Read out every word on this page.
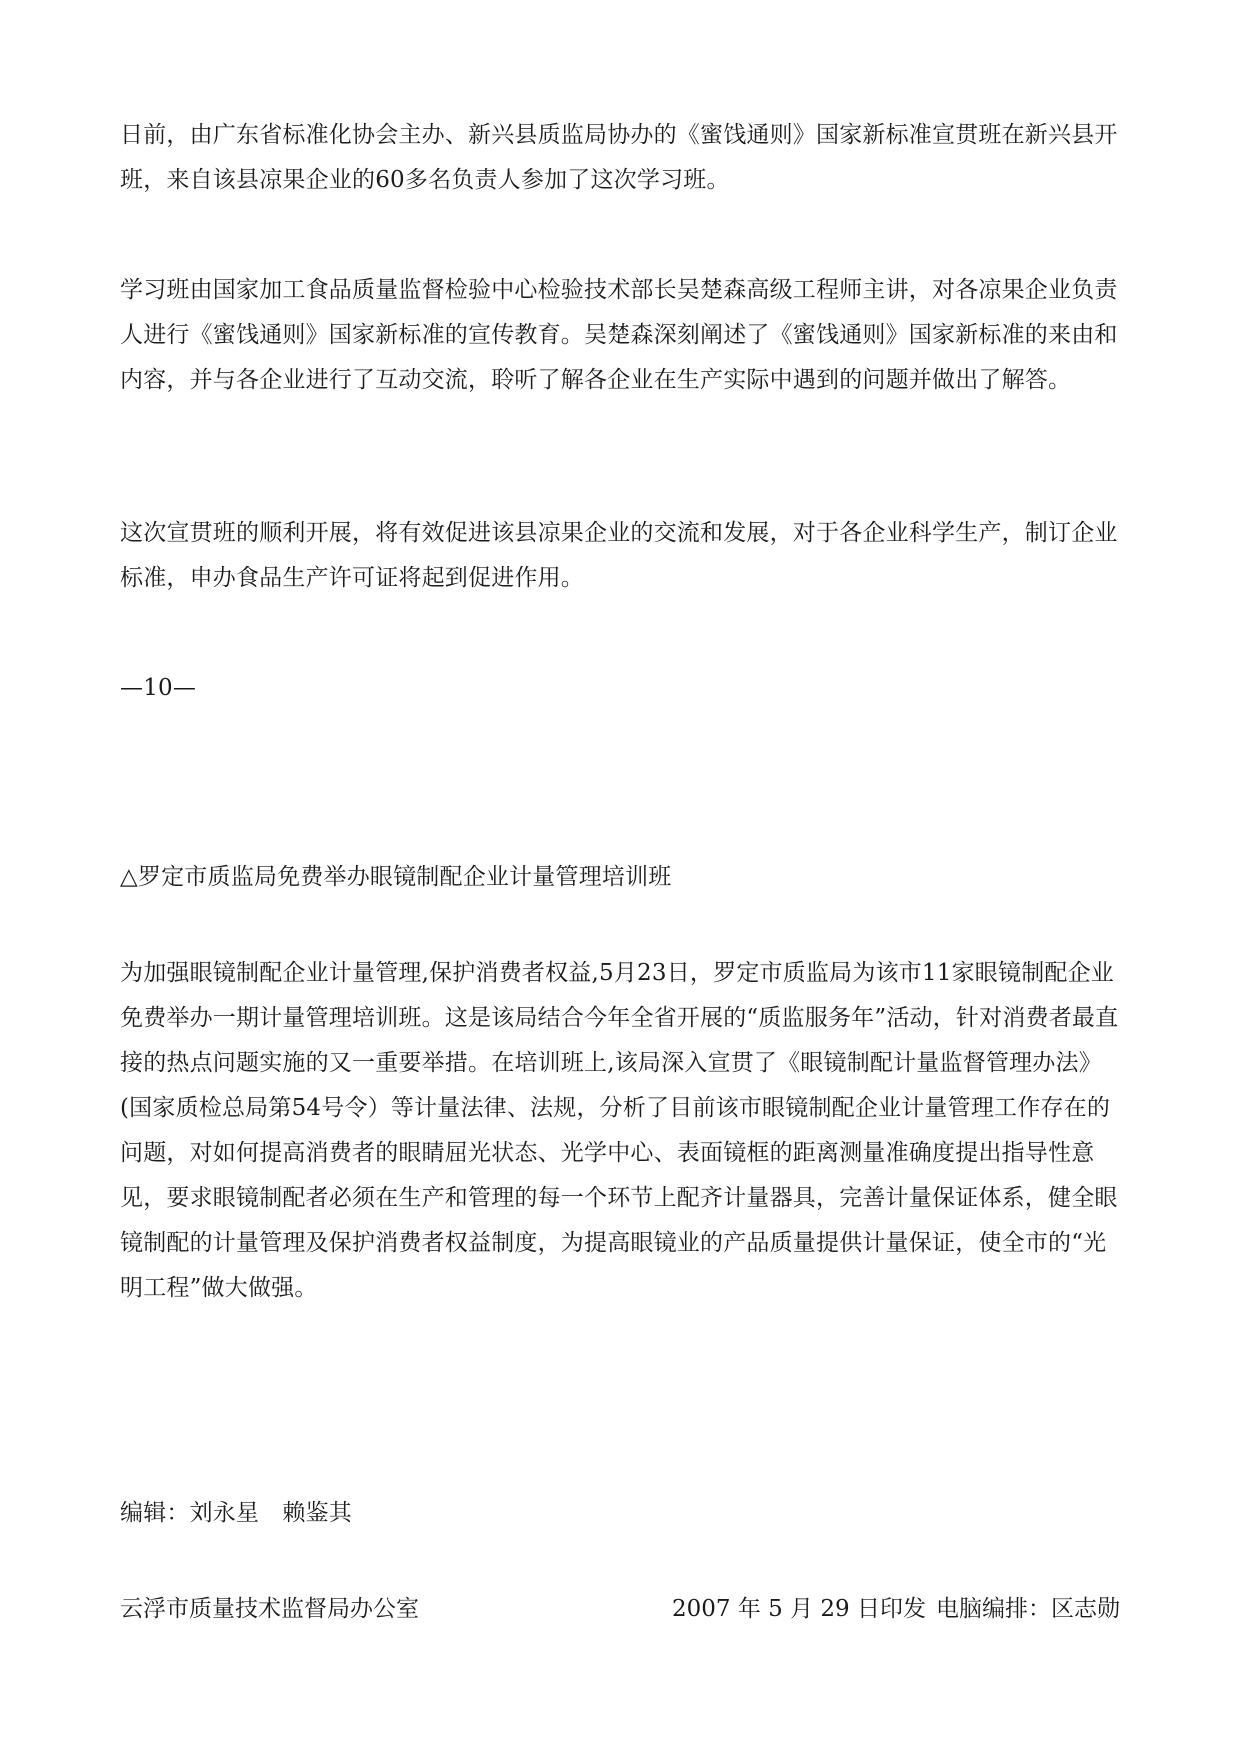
日前，由广东省标准化协会主办、新兴县质监局协办的《蜜饯通则》国家新标准宣贯班在新兴县开班，来自该县凉果企业的60多名负责人参加了这次学习班。

学习班由国家加工食品质量监督检验中心检验技术部长吴楚森高级工程师主讲，对各凉果企业负责人进行《蜜饯通则》国家新标准的宣传教育。吴楚森深刻阐述了《蜜饯通则》国家新标准的来由和内容，并与各企业进行了互动交流，聆听了解各企业在生产实际中遇到的问题并做出了解答。

这次宣贯班的顺利开展，将有效促进该县凉果企业的交流和发展，对于各企业科学生产，制订企业标准，申办食品生产许可证将起到促进作用。

—10—

△罗定市质监局免费举办眼镜制配企业计量管理培训班

为加强眼镜制配企业计量管理,保护消费者权益,5月23日，罗定市质监局为该市11家眼镜制配企业免费举办一期计量管理培训班。这是该局结合今年全省开展的“质监服务年”活动，针对消费者最直接的热点问题实施的又一重要举措。在培训班上,该局深入宣贯了《眼镜制配计量监督管理办法》(国家质检总局第54号令）等计量法律、法规，分析了目前该市眼镜制配企业计量管理工作存在的问题，对如何提高消费者的眼睛屈光状态、光学中心、表面镜框的距离测量准确度提出指导性意见，要求眼镜制配者必须在生产和管理的每一个环节上配齐计量器具，完善计量保证体系，健全眼镜制配的计量管理及保护消费者权益制度，为提高眼镜业的产品质量提供计量保证，使全市的“光明工程”做大做强。

编辑：刘永星　赖鉴其

云浮市质量技术监督局办公室	2007 年 5 月 29 日印发 电脑编排：区志勋
